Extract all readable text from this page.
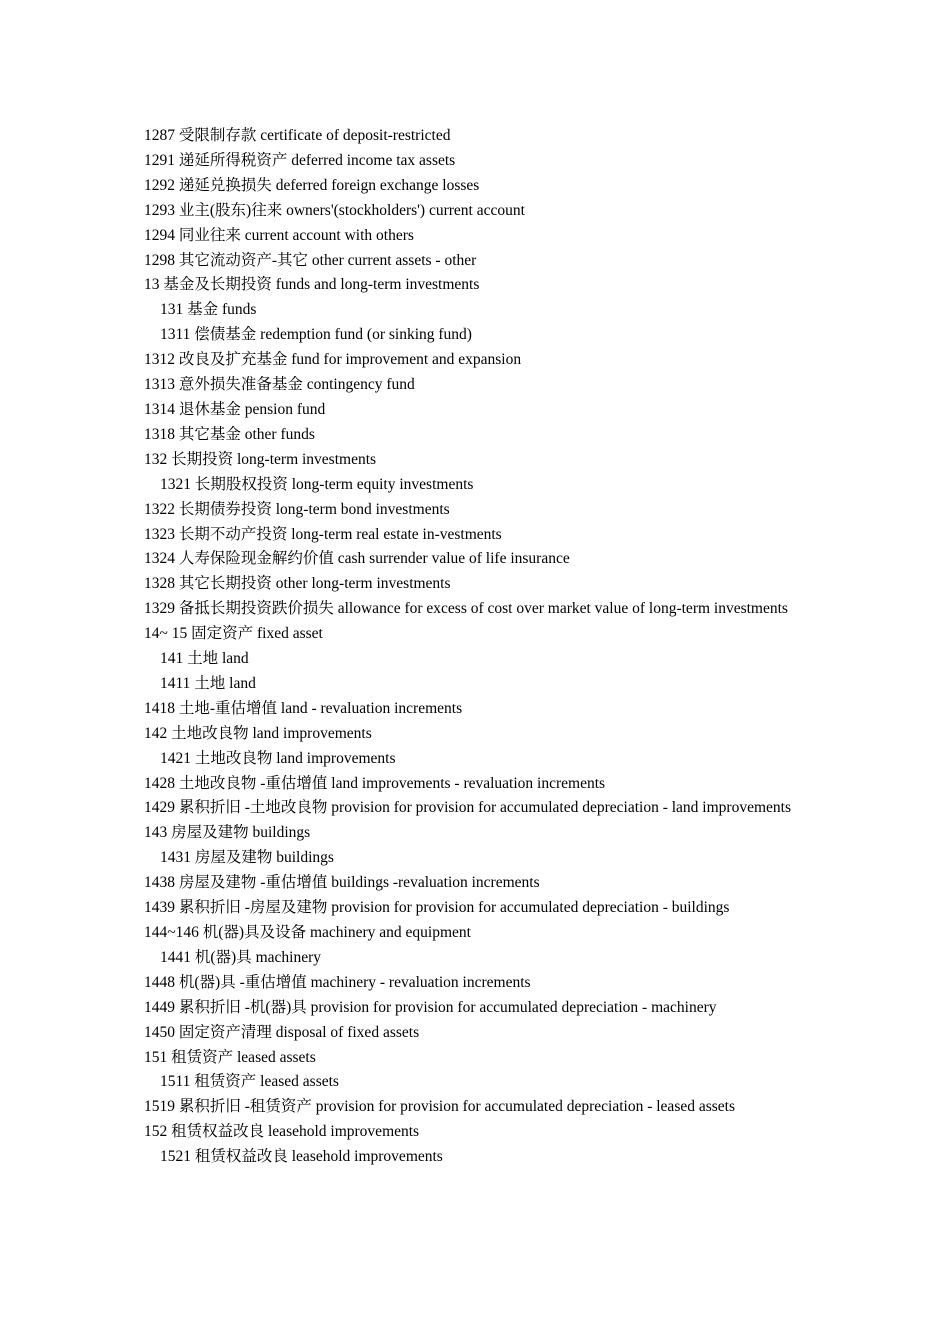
1287 受限制存款 certificate of deposit-restricted
1291 递延所得税资产 deferred income tax assets
1292 递延兑换损失 deferred foreign exchange losses
1293 业主(股东)往来 owners'(stockholders') current account
1294 同业往来 current account with others
1298 其它流动资产-其它 other current assets - other
13 基金及长期投资 funds and long-term investments
131 基金 funds
1311 偿债基金 redemption fund (or sinking fund)
1312 改良及扩充基金 fund for improvement and expansion
1313 意外损失准备基金 contingency fund
1314 退休基金 pension fund
1318 其它基金 other funds
132 长期投资 long-term investments
1321 长期股权投资 long-term equity investments
1322 长期债券投资 long-term bond investments
1323 长期不动产投资 long-term real estate in-vestments
1324 人寿保险现金解约价值 cash surrender value of life insurance
1328 其它长期投资 other long-term investments
1329 备抵长期投资跌价损失 allowance for excess of cost over market value of long-term investments
14~ 15 固定资产 fixed asset
141 土地 land
1411 土地 land
1418 土地-重估增值 land - revaluation increments
142 土地改良物 land improvements
1421 土地改良物 land improvements
1428 土地改良物 -重估增值 land improvements - revaluation increments
1429 累积折旧 -土地改良物 provision for provision for accumulated depreciation - land improvements
143 房屋及建物 buildings
1431 房屋及建物 buildings
1438 房屋及建物 -重估增值 buildings -revaluation increments
1439 累积折旧 -房屋及建物 provision for provision for accumulated depreciation - buildings
144~146 机(器)具及设备 machinery and equipment
1441 机(器)具 machinery
1448 机(器)具 -重估增值 machinery - revaluation increments
1449 累积折旧 -机(器)具 provision for provision for accumulated depreciation - machinery
1450 固定资产清理 disposal of fixed assets
151 租赁资产 leased assets
1511 租赁资产 leased assets
1519 累积折旧 -租赁资产 provision for provision for accumulated depreciation - leased assets
152 租赁权益改良 leasehold improvements
1521 租赁权益改良 leasehold improvements
